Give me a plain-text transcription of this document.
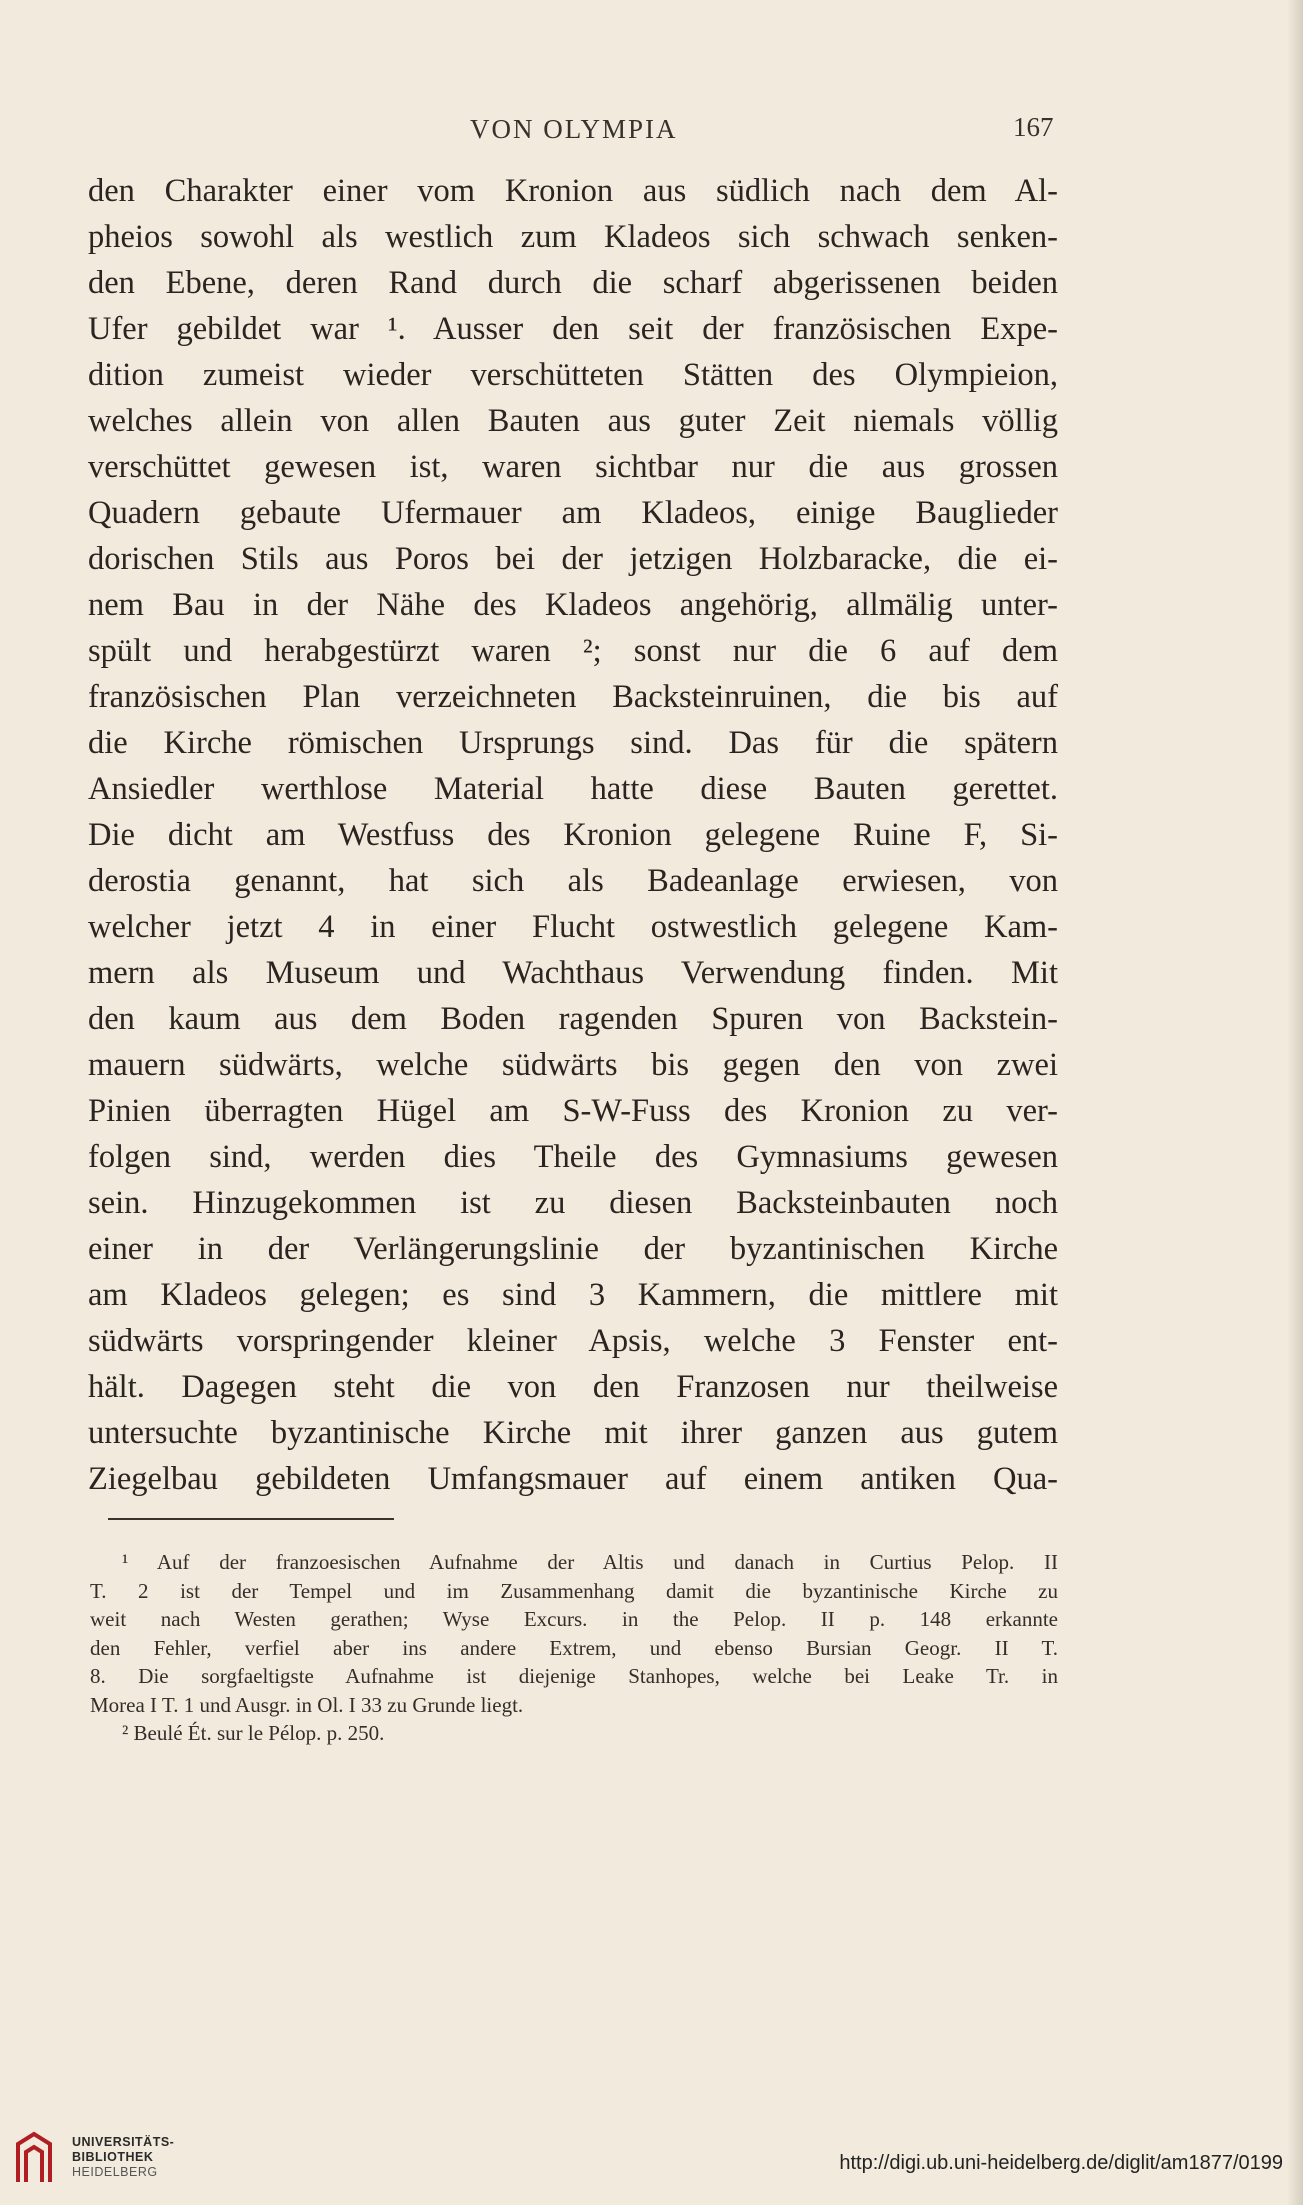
VON OLYMPIA	167
den Charakter einer vom Kronion aus südlich nach dem Al-
pheios sowohl als westlich zum Kladeos sich schwach senken-
den Ebene, deren Rand durch die scharf abgerissenen beiden
Ufer gebildet war ¹. Ausser den seit der französischen Expe-
dition zumeist wieder verschütteten Stätten des Olympieion,
welches allein von allen Bauten aus guter Zeit niemals völlig
verschüttet gewesen ist, waren sichtbar nur die aus grossen
Quadern gebaute Ufermauer am Kladeos, einige Bauglieder
dorischen Stils aus Poros bei der jetzigen Holzbaracke, die ei-
nem Bau in der Nähe des Kladeos angehörig, allmälig unter-
spült und herabgestürzt waren ²; sonst nur die 6 auf dem
französischen Plan verzeichneten Backsteinruinen, die bis auf
die Kirche römischen Ursprungs sind. Das für die spätern
Ansiedler werthlose Material hatte diese Bauten gerettet.
Die dicht am Westfuss des Kronion gelegene Ruine F, Si-
derostia genannt, hat sich als Badeanlage erwiesen, von
welcher jetzt 4 in einer Flucht ostwestlich gelegene Kam-
mern als Museum und Wachthaus Verwendung finden. Mit
den kaum aus dem Boden ragenden Spuren von Backstein-
mauern südwärts, welche südwärts bis gegen den von zwei
Pinien überragten Hügel am S-W-Fuss des Kronion zu ver-
folgen sind, werden dies Theile des Gymnasiums gewesen
sein. Hinzugekommen ist zu diesen Backsteinbauten noch
einer in der Verlängerungslinie der byzantinischen Kirche
am Kladeos gelegen; es sind 3 Kammern, die mittlere mit
südwärts vorspringender kleiner Apsis, welche 3 Fenster ent-
hält. Dagegen steht die von den Franzosen nur theilweise
untersuchte byzantinische Kirche mit ihrer ganzen aus gutem
Ziegelbau gebildeten Umfangsmauer auf einem antiken Qua-
¹ Auf der franzoesischen Aufnahme der Altis und danach in Curtius Pelop. II
T. 2 ist der Tempel und im Zusammenhang damit die byzantinische Kirche zu
weit nach Westen gerathen; Wyse Excurs. in the Pelop. II p. 148 erkannte
den Fehler, verfiel aber ins andere Extrem, und ebenso Bursian Geogr. II T.
8. Die sorgfaeltigste Aufnahme ist diejenige Stanhopes, welche bei Leake Tr. in
Morea I T. 1 und Ausgr. in Ol. I 33 zu Grunde liegt.
² Beulé Ét. sur le Pélop. p. 250.
UNIVERSITÄTS-
BIBLIOTHEK
HEIDELBERG	http://digi.ub.uni-heidelberg.de/diglit/am1877/0199
